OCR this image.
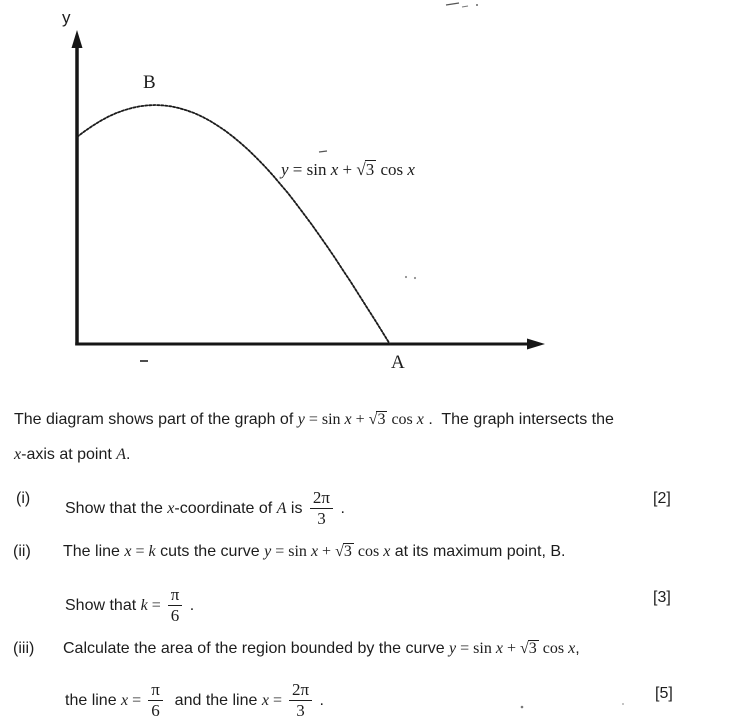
y
B
A
y = sin x + √3 cos x
The diagram shows part of the graph of y = sin x + √3 cos x .  The graph intersects the
x-axis at point A.
(i)
Show that the x-coordinate of A is $\frac{2\pi}{3}$ .
[2]
(ii) The line x = k cuts the curve y = sin x + √3 cos x at its maximum point, B.
Show that $k = \frac{\pi}{6}$ .	[3]
(iii) Calculate the area of the region bounded by the curve y = sin x + √3 cos x,
the line $x = \frac{\pi}{6}$ and the line $x = \frac{2\pi}{3}$ .	[5]
